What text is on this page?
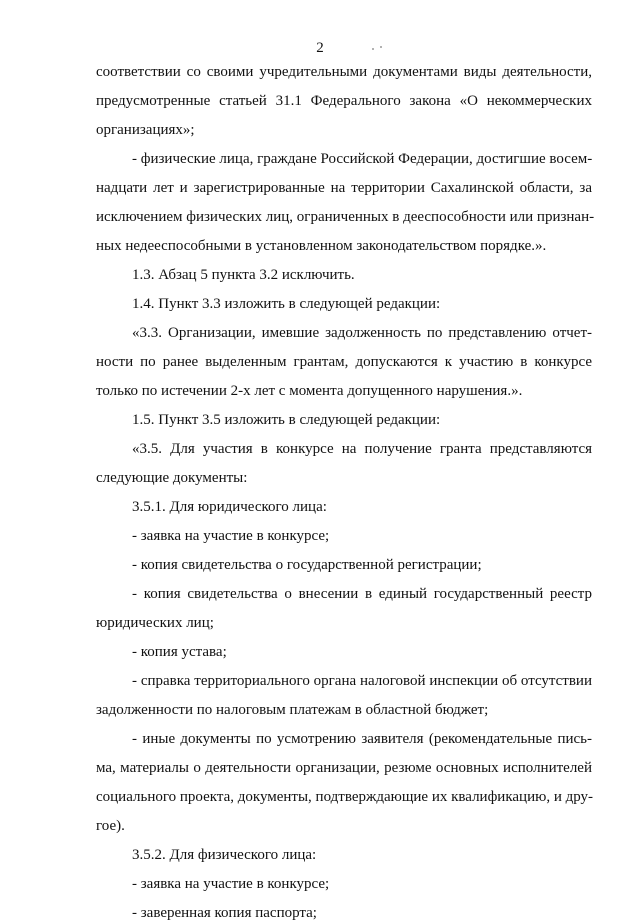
2
соответствии со своими учредительными документами виды деятельности,
предусмотренные статьей 31.1 Федерального закона «О некоммерческих
организациях»;
- физические лица, граждане Российской Федерации, достигшие восем-
надцати лет и зарегистрированные на территории Сахалинской области, за
исключением физических лиц, ограниченных в дееспособности или признан-
ных недееспособными в установленном законодательством порядке.».
1.3. Абзац 5 пункта 3.2 исключить.
1.4. Пункт 3.3 изложить в следующей редакции:
«3.3. Организации, имевшие задолженность по представлению отчет-
ности по ранее выделенным грантам, допускаются к участию в конкурсе
только по истечении 2-х лет с момента допущенного нарушения.».
1.5. Пункт 3.5 изложить в следующей редакции:
«3.5. Для участия в конкурсе на получение гранта представляются
следующие документы:
3.5.1. Для юридического лица:
- заявка на участие в конкурсе;
- копия свидетельства о государственной регистрации;
- копия свидетельства о внесении в единый государственный реестр
юридических лиц;
- копия устава;
- справка территориального органа налоговой инспекции об отсутствии
задолженности по налоговым платежам в областной бюджет;
- иные документы по усмотрению заявителя (рекомендательные пись-
ма, материалы о деятельности организации, резюме основных исполнителей
социального проекта, документы, подтверждающие их квалификацию, и дру-
гое).
3.5.2. Для физического лица:
- заявка на участие в конкурсе;
- заверенная копия паспорта;
